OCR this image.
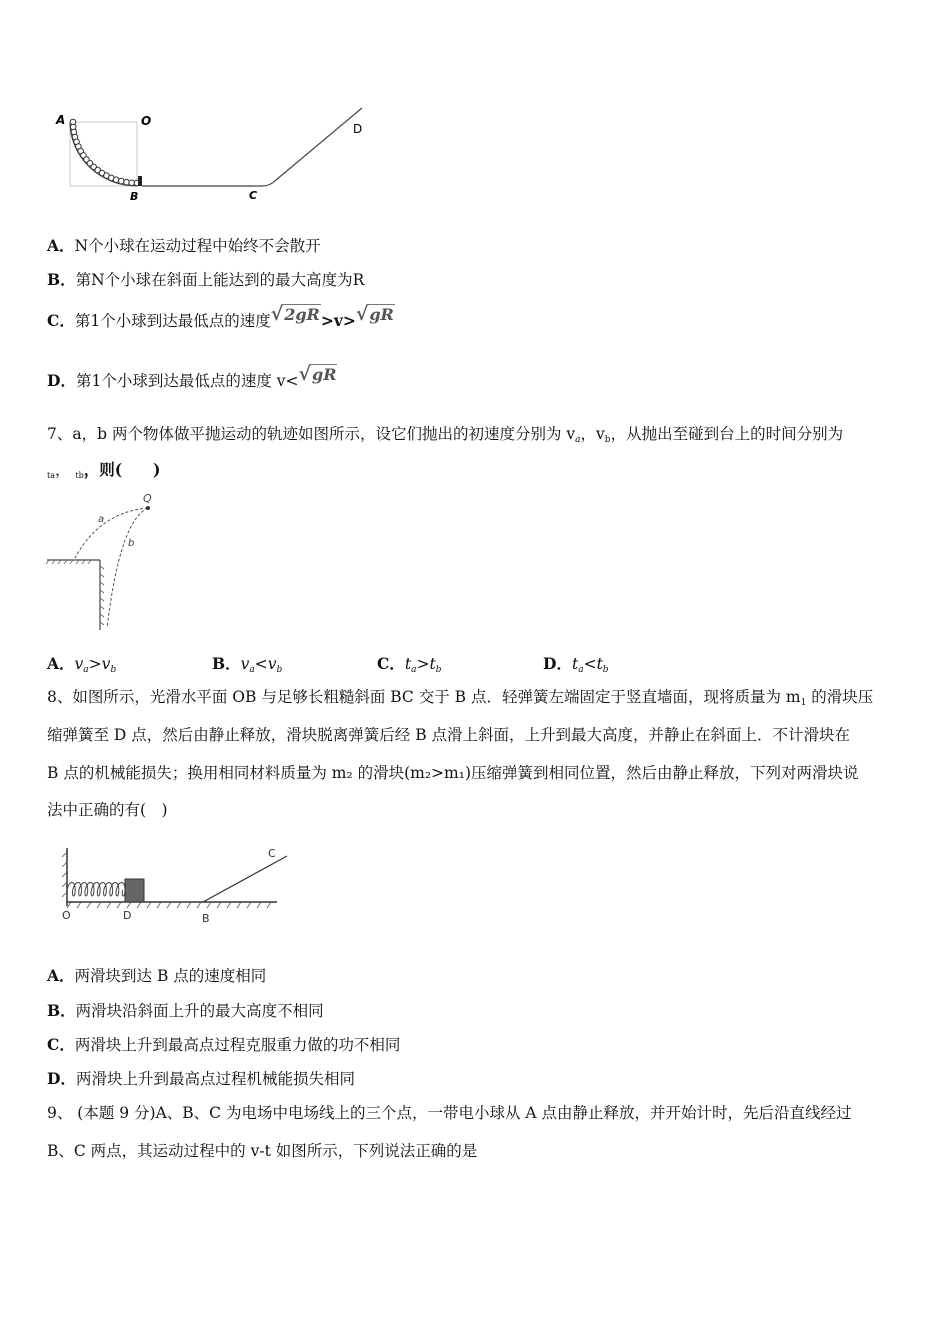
A	O
B	C
D
A．N个小球在运动过程中始终不会散开
B．第N个小球在斜面上能达到的最大高度为R
C．第1个小球到达最低点的速度√2gR>v>√gR
D．第1个小球到达最低点的速度 v<√gR
7、a，b 两个物体做平抛运动的轨迹如图所示，设它们抛出的初速度分别为 $v_a$，$v_b$，从抛出至碰到台上的时间分别为
$_{ta}$， $_{tb}$，则(　　)
Q
a
b
A．$v_a>v_b$	B．$v_a<v_b$	C．$t_a>t_b$	D．$t_a<t_b$
8、如图所示，光滑水平面 OB 与足够长粗糙斜面 BC 交于 B 点．轻弹簧左端固定于竖直墙面，现将质量为 $m_1$ 的滑块压
缩弹簧至 D 点，然后由静止释放，滑块脱离弹簧后经 B 点滑上斜面，上升到最大高度，并静止在斜面上．不计滑块在
B 点的机械能损失；换用相同材料质量为 m₂ 的滑块(m₂>m₁)压缩弹簧到相同位置，然后由静止释放，下列对两滑块说
法中正确的有(　)
O	D	B
C
A．两滑块到达 B 点的速度相同
B．两滑块沿斜面上升的最大高度不相同
C．两滑块上升到最高点过程克服重力做的功不相同
D．两滑块上升到最高点过程机械能损失相同
9、 (本题 9 分)A、B、C 为电场中电场线上的三个点，一带电小球从 A 点由静止释放，并开始计时，先后沿直线经过
B、C 两点，其运动过程中的 v-t 如图所示，下列说法正确的是
